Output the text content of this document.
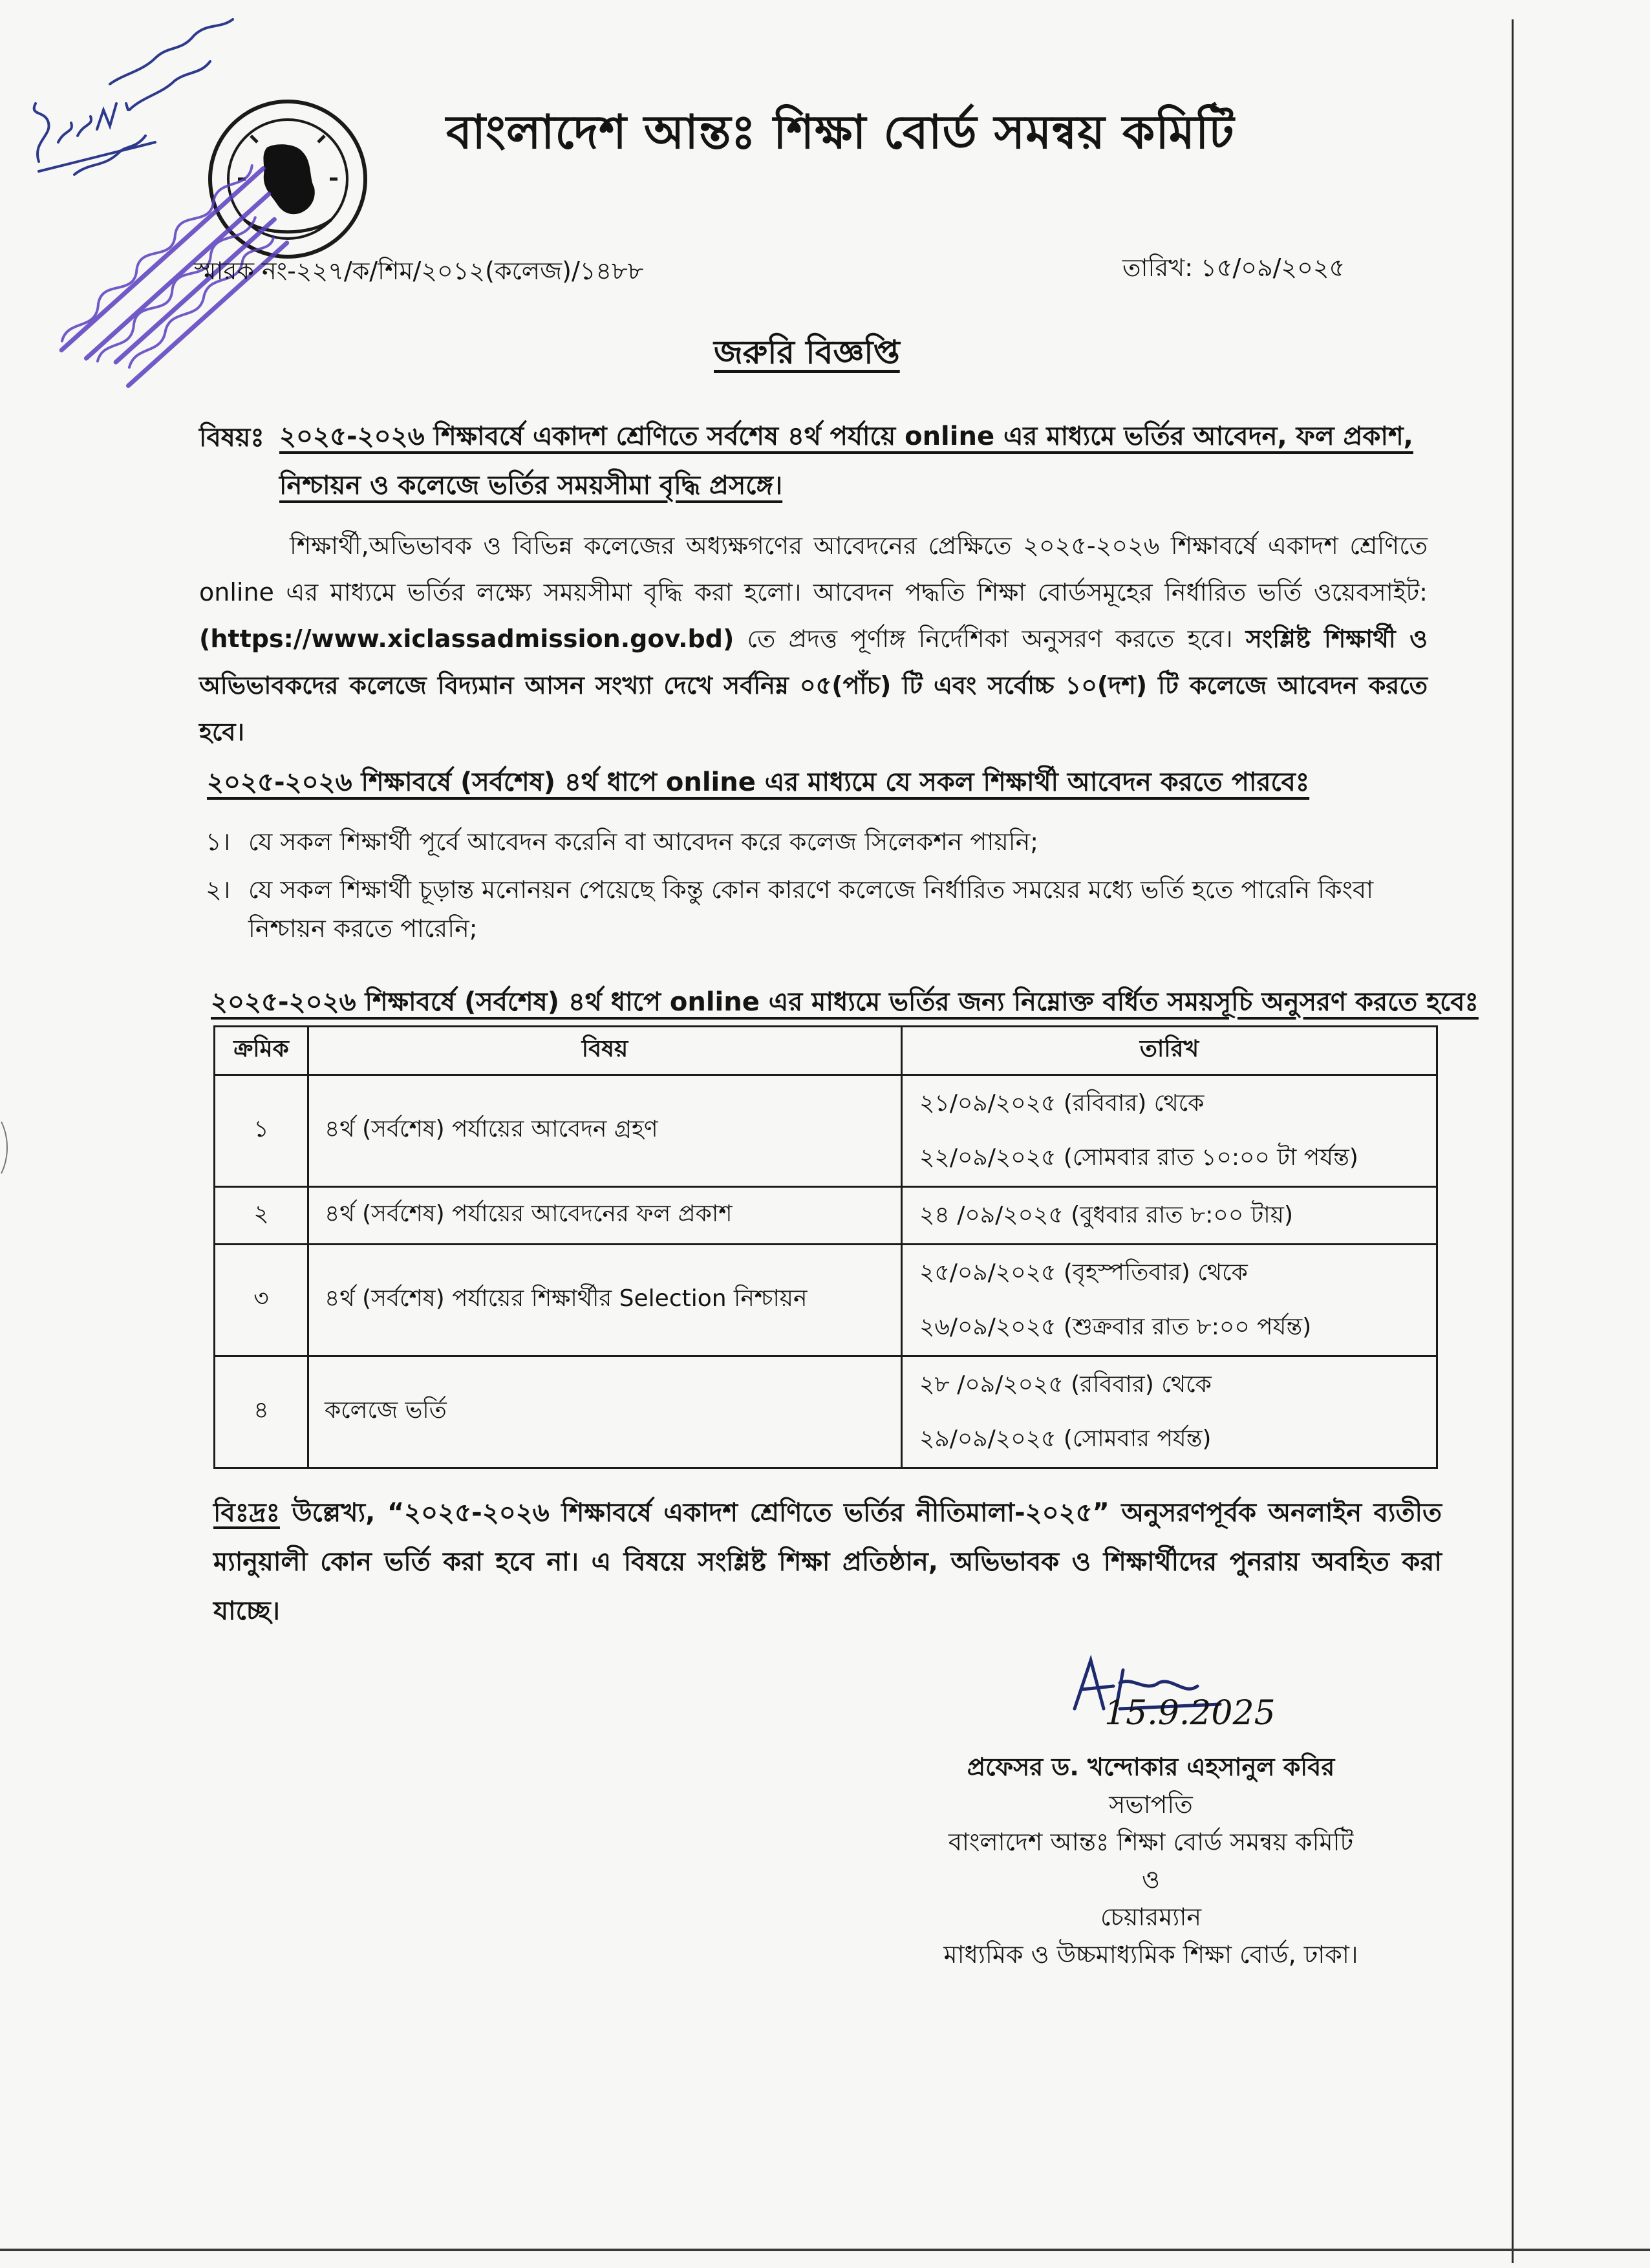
বাংলাদেশ আন্তঃ শিক্ষা বোর্ড সমন্বয় কমিটি
স্মারক নং-২২৭/ক/শিম/২০১২(কলেজ)/১৪৮৮	তারিখ: ১৫/০৯/২০২৫
জরুরি বিজ্ঞপ্তি
বিষয়ঃ ২০২৫-২০২৬ শিক্ষাবর্ষে একাদশ শ্রেণিতে সর্বশেষ ৪র্থ পর্যায়ে online এর মাধ্যমে ভর্তির আবেদন, ফল প্রকাশ, নিশ্চায়ন ও কলেজে ভর্তির সময়সীমা বৃদ্ধি প্রসঙ্গে।
শিক্ষার্থী,অভিভাবক ও বিভিন্ন কলেজের অধ্যক্ষগণের আবেদনের প্রেক্ষিতে ২০২৫-২০২৬ শিক্ষাবর্ষে একাদশ শ্রেণিতে online এর মাধ্যমে ভর্তির লক্ষ্যে সময়সীমা বৃদ্ধি করা হলো। আবেদন পদ্ধতি শিক্ষা বোর্ডসমূহের নির্ধারিত ভর্তি ওয়েবসাইট:(https://www.xiclassadmission.gov.bd) তে প্রদত্ত পূর্ণাঙ্গ নির্দেশিকা অনুসরণ করতে হবে। সংশ্লিষ্ট শিক্ষার্থী ও অভিভাবকদের কলেজে বিদ্যমান আসন সংখ্যা দেখে সর্বনিম্ন ০৫(পাঁচ) টি এবং সর্বোচ্চ ১০(দশ) টি কলেজে আবেদন করতে হবে।
২০২৫-২০২৬ শিক্ষাবর্ষে (সর্বশেষ) ৪র্থ ধাপে online এর মাধ্যমে যে সকল শিক্ষার্থী আবেদন করতে পারবেঃ
১। যে সকল শিক্ষার্থী পূর্বে আবেদন করেনি বা আবেদন করে কলেজ সিলেকশন পায়নি;
২। যে সকল শিক্ষার্থী চূড়ান্ত মনোনয়ন পেয়েছে কিন্তু কোন কারণে কলেজে নির্ধারিত সময়ের মধ্যে ভর্তি হতে পারেনি কিংবা নিশ্চায়ন করতে পারেনি;
২০২৫-২০২৬ শিক্ষাবর্ষে (সর্বশেষ) ৪র্থ ধাপে online এর মাধ্যমে ভর্তির জন্য নিম্নোক্ত বর্ধিত সময়সূচি অনুসরণ করতে হবেঃ
ক্রমিক	বিষয়	তারিখ
১	৪র্থ (সর্বশেষ) পর্যায়ের আবেদন গ্রহণ	২১/০৯/২০২৫ (রবিবার) থেকে
২২/০৯/২০২৫ (সোমবার রাত ১০:০০ টা পর্যন্ত)

২	৪র্থ (সর্বশেষ) পর্যায়ের আবেদনের ফল প্রকাশ	২৪ /০৯/২০২৫ (বুধবার রাত ৮:০০ টায়)

৩	৪র্থ (সর্বশেষ) পর্যায়ের শিক্ষার্থীর Selection নিশ্চায়ন	২৫/০৯/২০২৫ (বৃহস্পতিবার) থেকে
২৬/০৯/২০২৫ (শুক্রবার রাত ৮:০০ পর্যন্ত)

৪	কলেজে ভর্তি	২৮ /০৯/২০২৫ (রবিবার) থেকে
২৯/০৯/২০২৫ (সোমবার পর্যন্ত)
বিঃদ্রঃ উল্লেখ্য, “২০২৫-২০২৬ শিক্ষাবর্ষে একাদশ শ্রেণিতে ভর্তির নীতিমালা-২০২৫” অনুসরণপূর্বক অনলাইন ব্যতীত ম্যানুয়ালী কোন ভর্তি করা হবে না। এ বিষয়ে সংশ্লিষ্ট শিক্ষা প্রতিষ্ঠান, অভিভাবক ও শিক্ষার্থীদের পুনরায় অবহিত করা যাচ্ছে।
15.9.2025
প্রফেসর ড. খন্দোকার এহসানুল কবির
সভাপতি
বাংলাদেশ আন্তঃ শিক্ষা বোর্ড সমন্বয় কমিটি
ও
চেয়ারম্যান
মাধ্যমিক ও উচ্চমাধ্যমিক শিক্ষা বোর্ড, ঢাকা।
